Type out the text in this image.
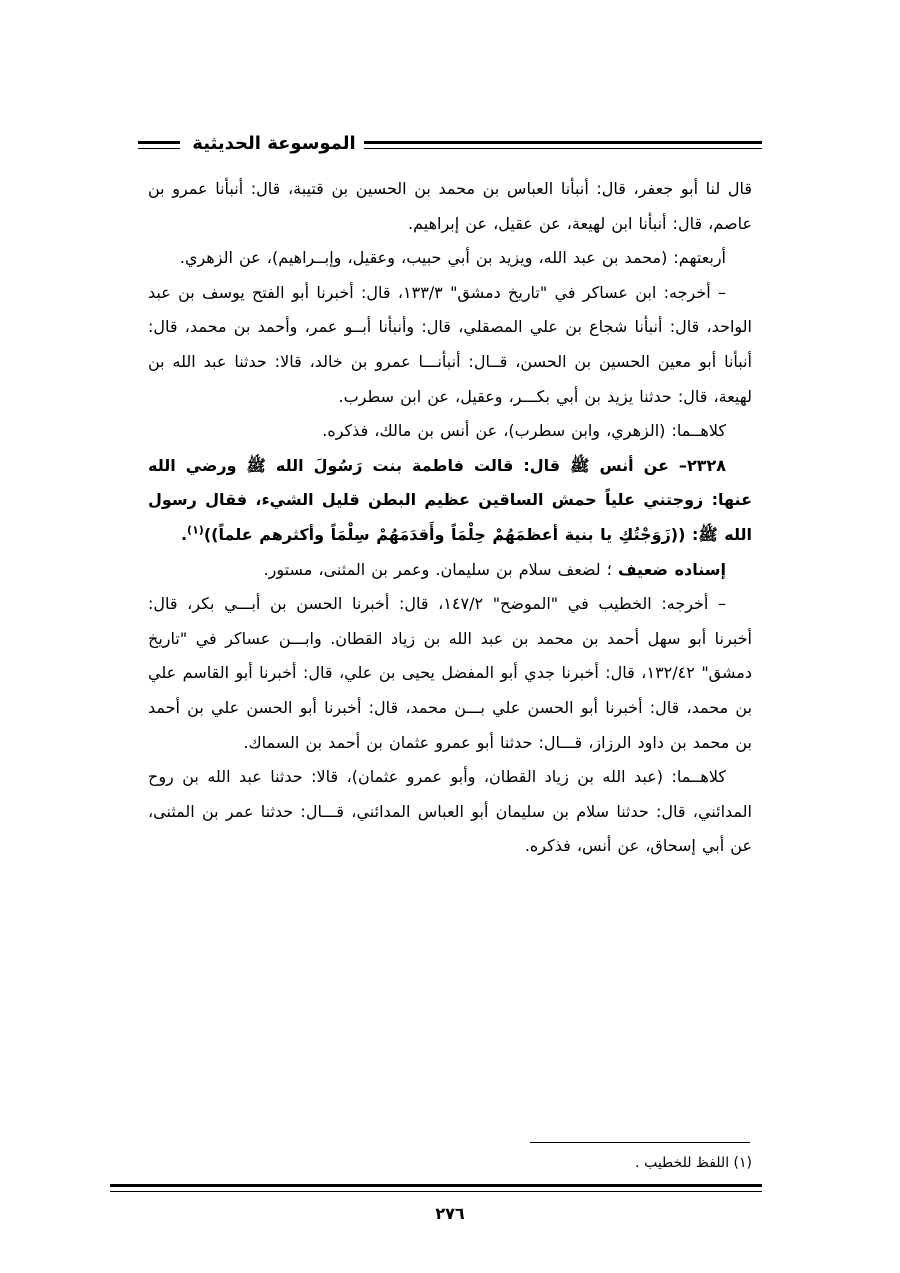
الموسوعة الحديثية

قال لنا أبو جعفر، قال: أنبأنا العباس بن محمد بن الحسين بن قتيبة، قال: أنبأنا عمرو بن عاصم، قال: أنبأنا ابن لهيعة، عن عقيل، عن إبراهيم.

أربعتهم: (محمد بن عبد الله، ويزيد بن أبي حبيب، وعقيل، وإبــراهيم)، عن الزهري.

– أخرجه: ابن عساكر في "تاريخ دمشق" ١٣٣/٣، قال: أخبرنا أبو الفتح يوسف بن عبد الواحد، قال: أنبأنا شجاع بن علي المصقلي، قال: وأنبأنا أبــو عمر، وأحمد بن محمد، قال: أنبأنا أبو معين الحسين بن الحسن، قــال: أنبأنـــا عمرو بن خالد، قالا: حدثنا عبد الله بن لهيعة، قال: حدثنا يزيد بن أبي بكـــر، وعقيل، عن ابن سطرب.

كلاهــما: (الزهري، وابن سطرب)، عن أنس بن مالك، فذكره.

٢٣٢٨– عن أنس ﷺ قال: قالت فاطمة بنت رَسُولَ الله ﷺ ورضي الله عنها: زوجتني علياً حمش الساقين عظيم البطن قليل الشيء، فقال رسول الله ﷺ: ((زَوَجْتُكِ يا بنية أعظمَهُمْ حِلْمَاً وأَقدَمَهُمْ سِلْمَاً وأكثرهم علماً))$^{(١)}$.

إسناده ضعيف ؛ لضعف سلام بن سليمان. وعمر بن المثنى، مستور.

– أخرجه: الخطيب في "الموضح" ١٤٧/٢، قال: أخبرنا الحسن بن أبـــي بكر، قال: أخبرنا أبو سهل أحمد بن محمد بن عبد الله بن زياد القطان. وابـــن عساكر في "تاريخ دمشق" ١٣٢/٤٢، قال: أخبرنا جدي أبو المفضل يحيى بن علي، قال: أخبرنا أبو القاسم علي بن محمد، قال: أخبرنا أبو الحسن علي بـــن محمد، قال: أخبرنا أبو الحسن علي بن أحمد بن محمد بن داود الرزاز، قـــال: حدثنا أبو عمرو عثمان بن أحمد بن السماك.

كلاهــما: (عبد الله بن زياد القطان، وأبو عمرو عثمان)، قالا: حدثنا عبد الله بن روح المدائني، قال: حدثنا سلام بن سليمان أبو العباس المدائني، قـــال: حدثنا عمر بن المثنى، عن أبي إسحاق، عن أنس، فذكره.

(١) اللفظ للخطيب .
٢٧٦
